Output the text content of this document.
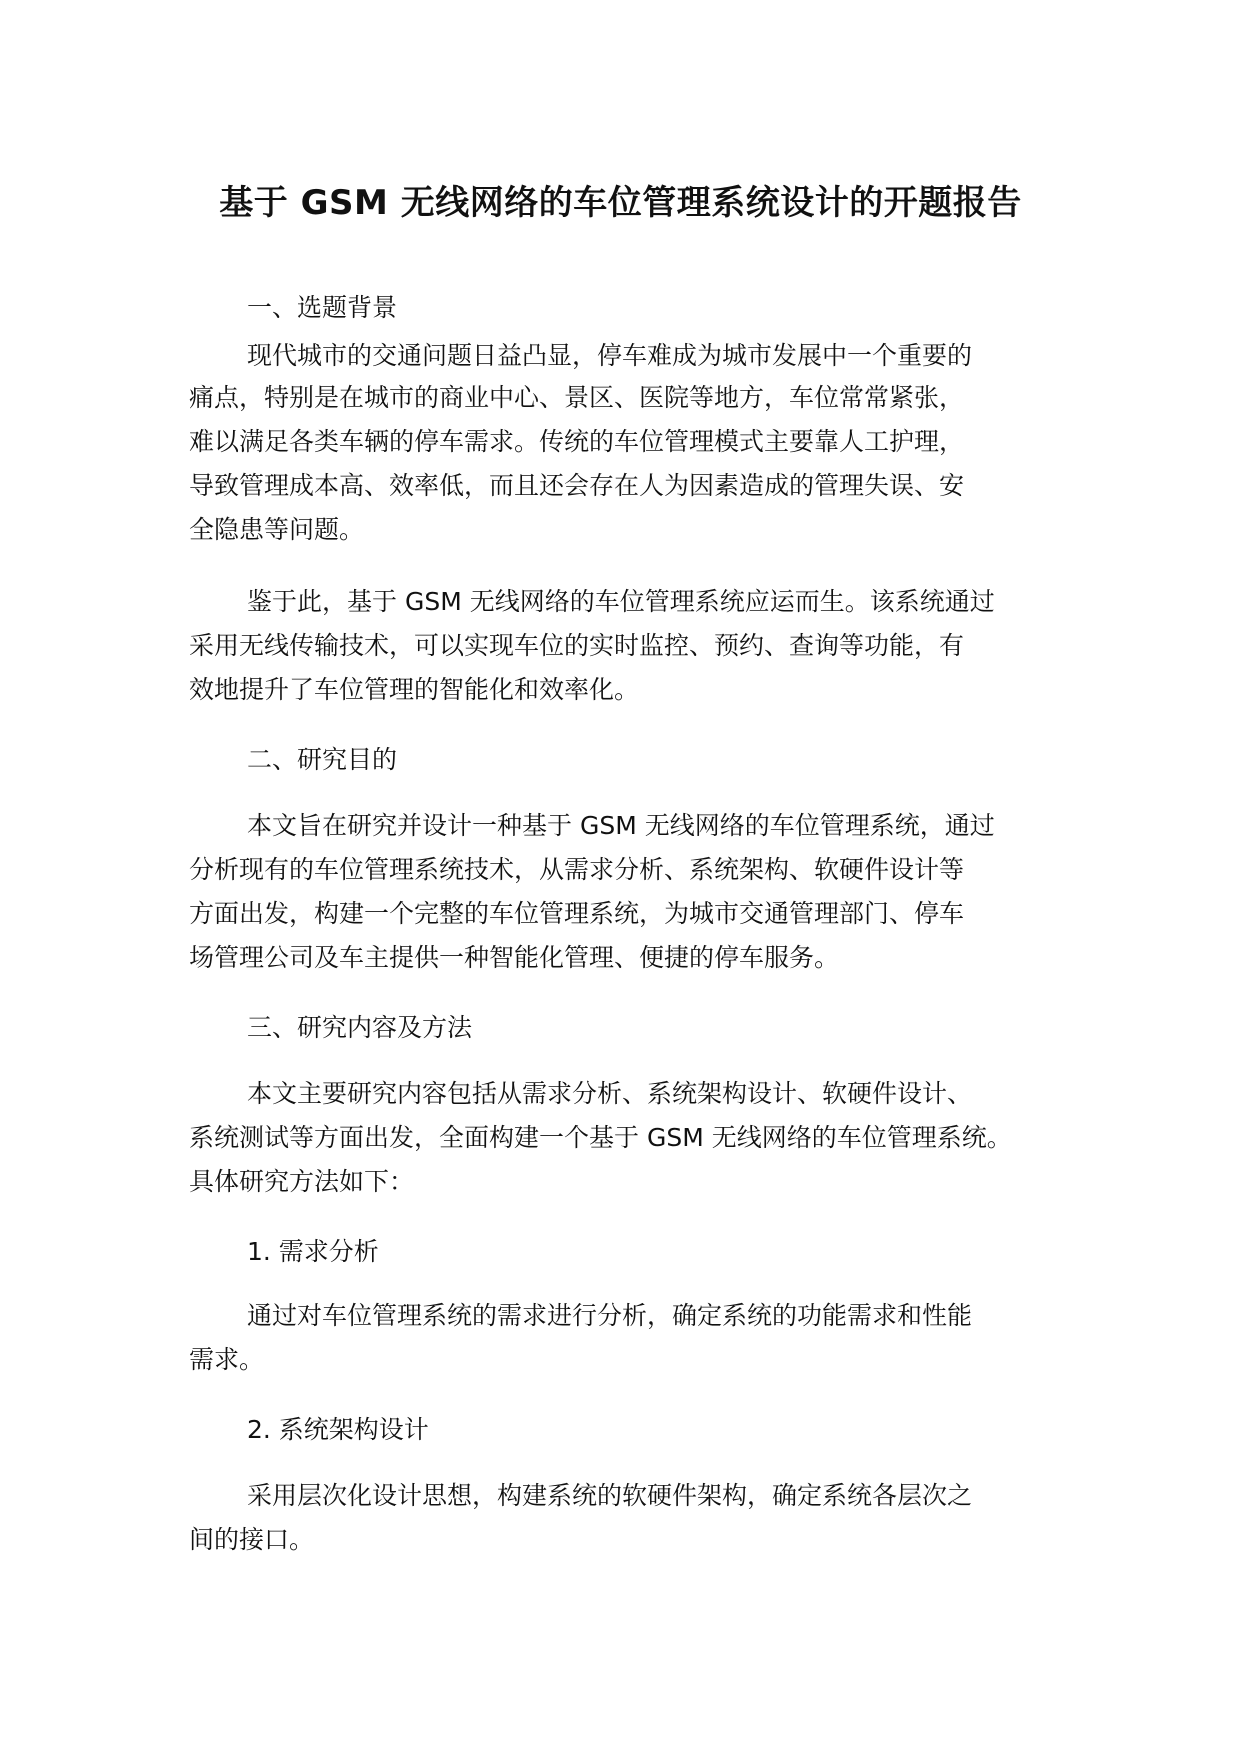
基于 GSM 无线网络的车位管理系统设计的开题报告
一、选题背景
现代城市的交通问题日益凸显，停车难成为城市发展中一个重要的
痛点，特别是在城市的商业中心、景区、医院等地方，车位常常紧张，
难以满足各类车辆的停车需求。传统的车位管理模式主要靠人工护理，
导致管理成本高、效率低，而且还会存在人为因素造成的管理失误、安
全隐患等问题。
鉴于此，基于 GSM 无线网络的车位管理系统应运而生。该系统通过
采用无线传输技术，可以实现车位的实时监控、预约、查询等功能，有
效地提升了车位管理的智能化和效率化。
二、研究目的
本文旨在研究并设计一种基于 GSM 无线网络的车位管理系统，通过
分析现有的车位管理系统技术，从需求分析、系统架构、软硬件设计等
方面出发，构建一个完整的车位管理系统，为城市交通管理部门、停车
场管理公司及车主提供一种智能化管理、便捷的停车服务。
三、研究内容及方法
本文主要研究内容包括从需求分析、系统架构设计、软硬件设计、
系统测试等方面出发，全面构建一个基于 GSM 无线网络的车位管理系统。
具体研究方法如下：
1. 需求分析
通过对车位管理系统的需求进行分析，确定系统的功能需求和性能
需求。
2. 系统架构设计
采用层次化设计思想，构建系统的软硬件架构，确定系统各层次之
间的接口。
